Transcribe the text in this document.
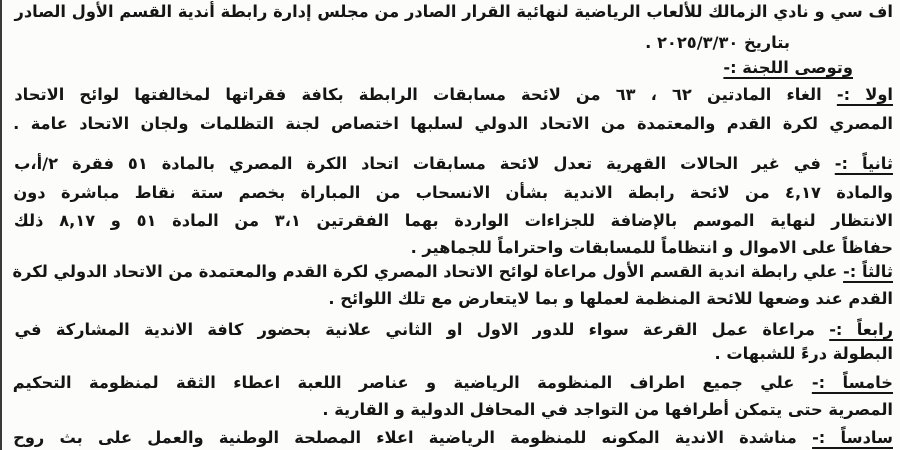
اف سي و نادي الزمالك للألعاب الرياضية لنهائية القرار الصادر من مجلس إدارة رابطة أندية القسم الأول الصادر
بتاريخ ٢٠٢٥/٣/٣٠ .
وتوصى اللجنة :-
اولا :- الغاء المادتين ٦٢ ، ٦٣ من لائحة مسابقات الرابطة بكافة فقراتها لمخالفتها لوائح الاتحاد
المصري لكرة القدم والمعتمدة من الاتحاد الدولي لسلبها اختصاص لجنة التظلمات ولجان الاتحاد عامة .
ثانياً :- في غير الحالات القهرية تعدل لائحة مسابقات اتحاد الكرة المصري بالمادة ٥١ فقرة ٢/أ،ب
والمادة ٤,١٧ من لائحة رابطة الاندية بشأن الانسحاب من المباراة بخصم ستة نقاط مباشرة دون
الانتظار لنهاية الموسم بالإضافة للجزاءات الواردة بهما الفقرتين ٣،١ من المادة ٥١ و ٨,١٧ ذلك
حفاظاً على الاموال و انتظاماً للمسابقات واحتراماً للجماهير .
ثالثاً :- علي رابطة اندية القسم الأول مراعاة لوائح الاتحاد المصري لكرة القدم والمعتمدة من الاتحاد الدولي لكرة
القدم عند وضعها للائحة المنظمة لعملها و بما لايتعارض مع تلك اللوائح .
رابعاً :- مراعاة عمل القرعة سواء للدور الاول او الثاني علانية بحضور كافة الاندية المشاركة في
البطولة درءً للشبهات .
خامساً :- علي جميع اطراف المنظومة الرياضية و عناصر اللعبة اعطاء الثقة لمنظومة التحكيم
المصرية حتى يتمكن أطرافها من التواجد في المحافل الدولية و القارية .
سادساً :- مناشدة الاندية المكونه للمنظومة الرياضية اعلاء المصلحة الوطنية والعمل على بث روح
